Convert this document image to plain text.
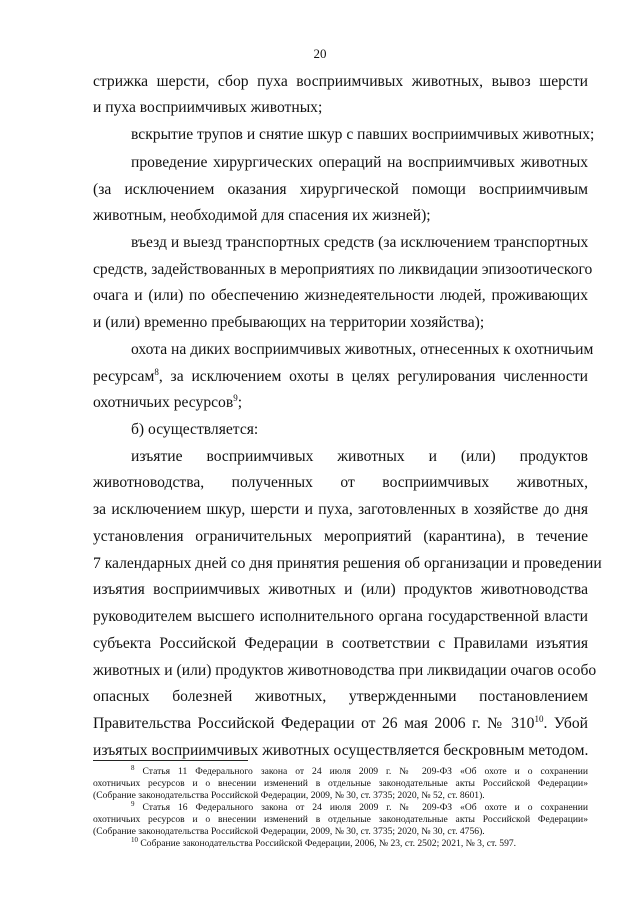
20
стрижка шерсти, сбор пуха восприимчивых животных, вывоз шерсти
и пуха восприимчивых животных;
вскрытие трупов и снятие шкур с павших восприимчивых животных;
проведение хирургических операций на восприимчивых животных
(за исключением оказания хирургической помощи восприимчивым
животным, необходимой для спасения их жизней);
въезд и выезд транспортных средств (за исключением транспортных
средств, задействованных в мероприятиях по ликвидации эпизоотического
очага и (или) по обеспечению жизнедеятельности людей, проживающих
и (или) временно пребывающих на территории хозяйства);
охота на диких восприимчивых животных, отнесенных к охотничьим
ресурсам$^8$, за исключением охоты в целях регулирования численности
охотничьих ресурсов$^9$;
б) осуществляется:
изъятие восприимчивых животных и (или) продуктов
животноводства, полученных от восприимчивых животных,
за исключением шкур, шерсти и пуха, заготовленных в хозяйстве до дня
установления ограничительных мероприятий (карантина), в течение
7 календарных дней со дня принятия решения об организации и проведении
изъятия восприимчивых животных и (или) продуктов животноводства
руководителем высшего исполнительного органа государственной власти
субъекта Российской Федерации в соответствии с Правилами изъятия
животных и (или) продуктов животноводства при ликвидации очагов особо
опасных болезней животных, утвержденными постановлением
Правительства Российской Федерации от 26 мая 2006 г. № $310^{10}$. Убой
изъятых восприимчивых животных осуществляется бескровным методом.
$^8$ Статья 11 Федерального закона от 24 июля 2009 г. № 209-ФЗ «Об охоте и о сохранении
охотничьих ресурсов и о внесении изменений в отдельные законодательные акты Российской Федерации»
(Собрание законодательства Российской Федерации, 2009, № 30, ст. 3735; 2020, № 52, ст. 8601).
$^9$ Статья 16 Федерального закона от 24 июля 2009 г. № 209-ФЗ «Об охоте и о сохранении
охотничьих ресурсов и о внесении изменений в отдельные законодательные акты Российской Федерации»
(Собрание законодательства Российской Федерации, 2009, № 30, ст. 3735; 2020, № 30, ст. 4756).
$^{10}$ Собрание законодательства Российской Федерации, 2006, № 23, ст. 2502; 2021, № 3, ст. 597.
